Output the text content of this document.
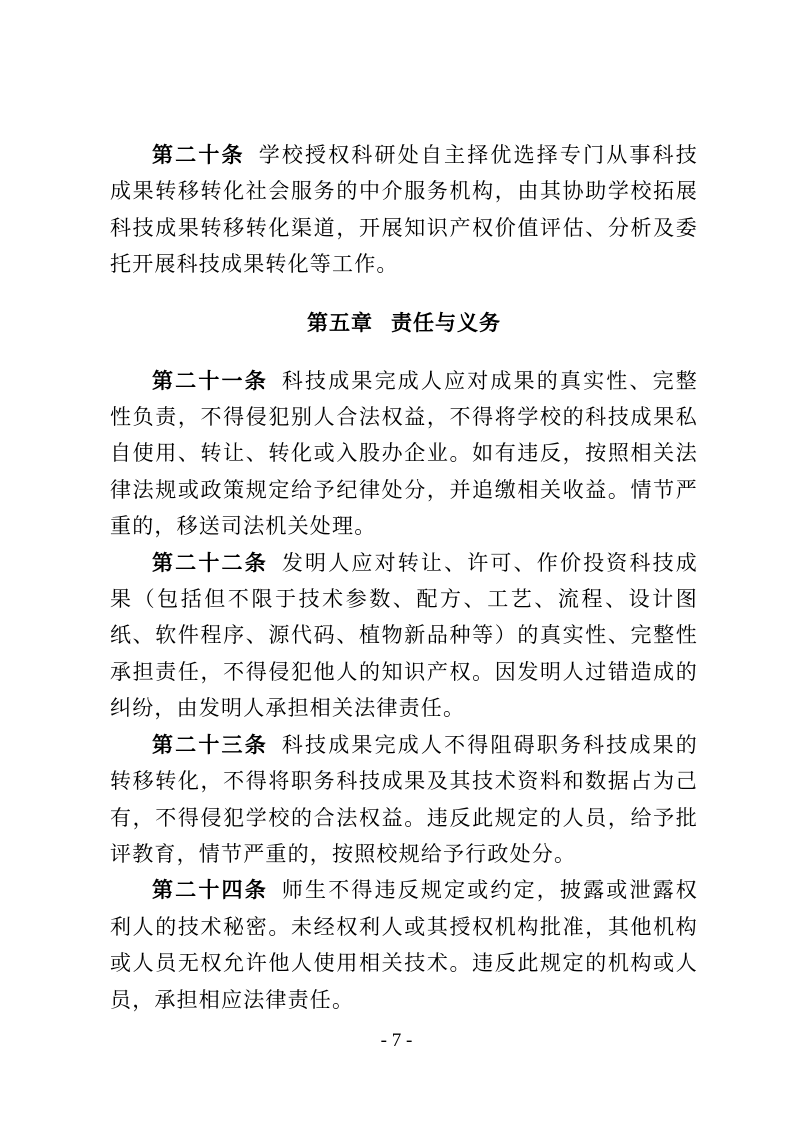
第二十条 学校授权科研处自主择优选择专门从事科技成果转移转化社会服务的中介服务机构，由其协助学校拓展科技成果转移转化渠道，开展知识产权价值评估、分析及委托开展科技成果转化等工作。

第五章 责任与义务

第二十一条 科技成果完成人应对成果的真实性、完整性负责，不得侵犯别人合法权益，不得将学校的科技成果私自使用、转让、转化或入股办企业。如有违反，按照相关法律法规或政策规定给予纪律处分，并追缴相关收益。情节严重的，移送司法机关处理。

第二十二条 发明人应对转让、许可、作价投资科技成果（包括但不限于技术参数、配方、工艺、流程、设计图纸、软件程序、源代码、植物新品种等）的真实性、完整性承担责任，不得侵犯他人的知识产权。因发明人过错造成的纠纷，由发明人承担相关法律责任。

第二十三条 科技成果完成人不得阻碍职务科技成果的转移转化，不得将职务科技成果及其技术资料和数据占为己有，不得侵犯学校的合法权益。违反此规定的人员，给予批评教育，情节严重的，按照校规给予行政处分。

第二十四条 师生不得违反规定或约定，披露或泄露权利人的技术秘密。未经权利人或其授权机构批准，其他机构或人员无权允许他人使用相关技术。违反此规定的机构或人员，承担相应法律责任。

- 7 -
